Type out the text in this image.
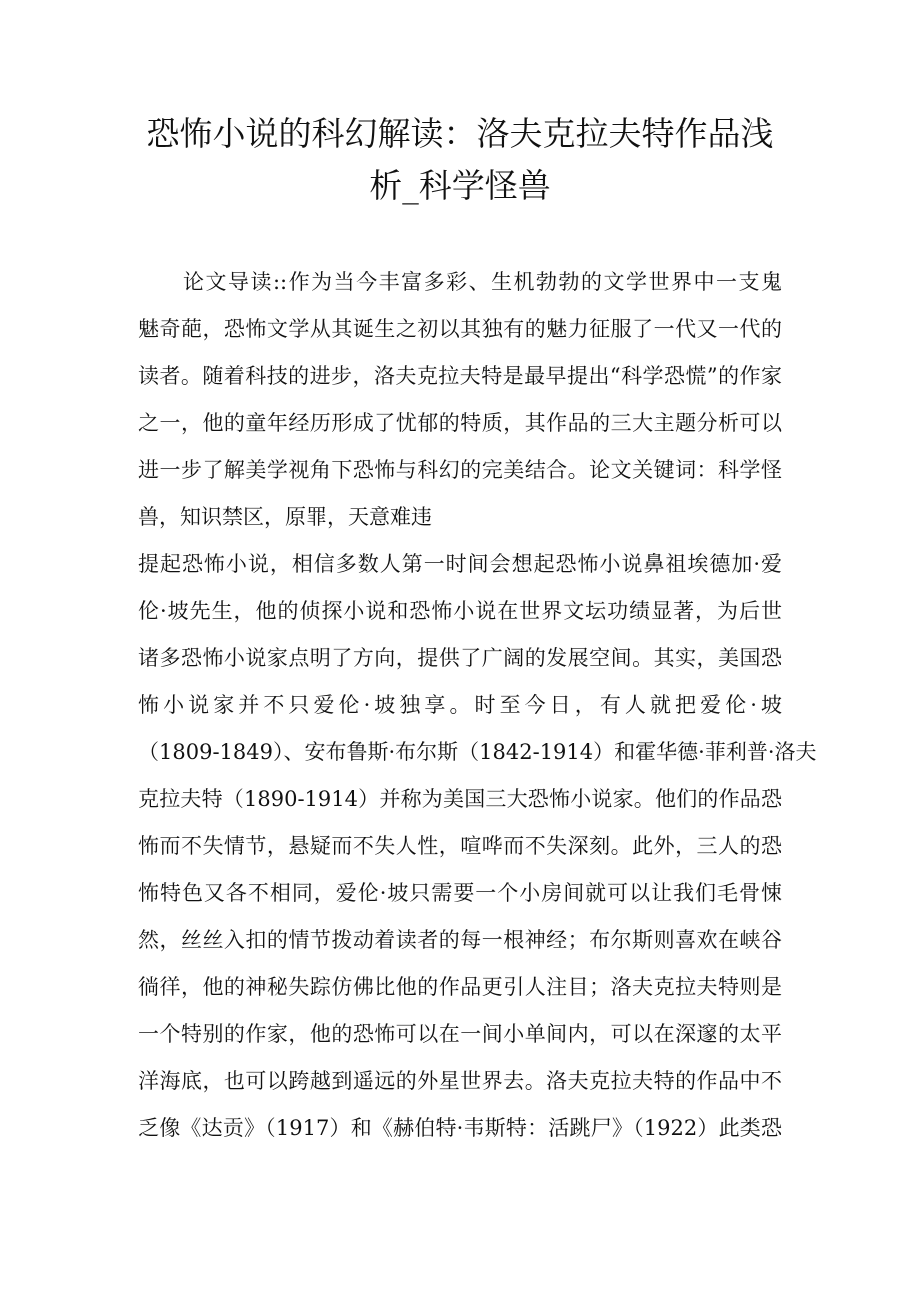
恐怖小说的科幻解读：洛夫克拉夫特作品浅
析_科学怪兽
论文导读::作为当今丰富多彩、生机勃勃的文学世界中一支鬼
魅奇葩，恐怖文学从其诞生之初以其独有的魅力征服了一代又一代的
读者。随着科技的进步，洛夫克拉夫特是最早提出“科学恐慌”的作家
之一，他的童年经历形成了忧郁的特质，其作品的三大主题分析可以
进一步了解美学视角下恐怖与科幻的完美结合。论文关键词：科学怪
兽，知识禁区，原罪，天意难违
提起恐怖小说，相信多数人第一时间会想起恐怖小说鼻祖埃德加·爱
伦·坡先生，他的侦探小说和恐怖小说在世界文坛功绩显著，为后世
诸多恐怖小说家点明了方向，提供了广阔的发展空间。其实，美国恐
怖小说家并不只爱伦·坡独享。时至今日，有人就把爱伦·坡
（1809-1849）、安布鲁斯·布尔斯（1842-1914）和霍华德·菲利普·洛夫
克拉夫特（1890-1914）并称为美国三大恐怖小说家。他们的作品恐
怖而不失情节，悬疑而不失人性，喧哗而不失深刻。此外，三人的恐
怖特色又各不相同，爱伦·坡只需要一个小房间就可以让我们毛骨悚
然，丝丝入扣的情节拨动着读者的每一根神经；布尔斯则喜欢在峡谷
徜徉，他的神秘失踪仿佛比他的作品更引人注目；洛夫克拉夫特则是
一个特别的作家，他的恐怖可以在一间小单间内，可以在深邃的太平
洋海底，也可以跨越到遥远的外星世界去。洛夫克拉夫特的作品中不
乏像《达贡》（1917）和《赫伯特·韦斯特：活跳尸》（1922）此类恐
